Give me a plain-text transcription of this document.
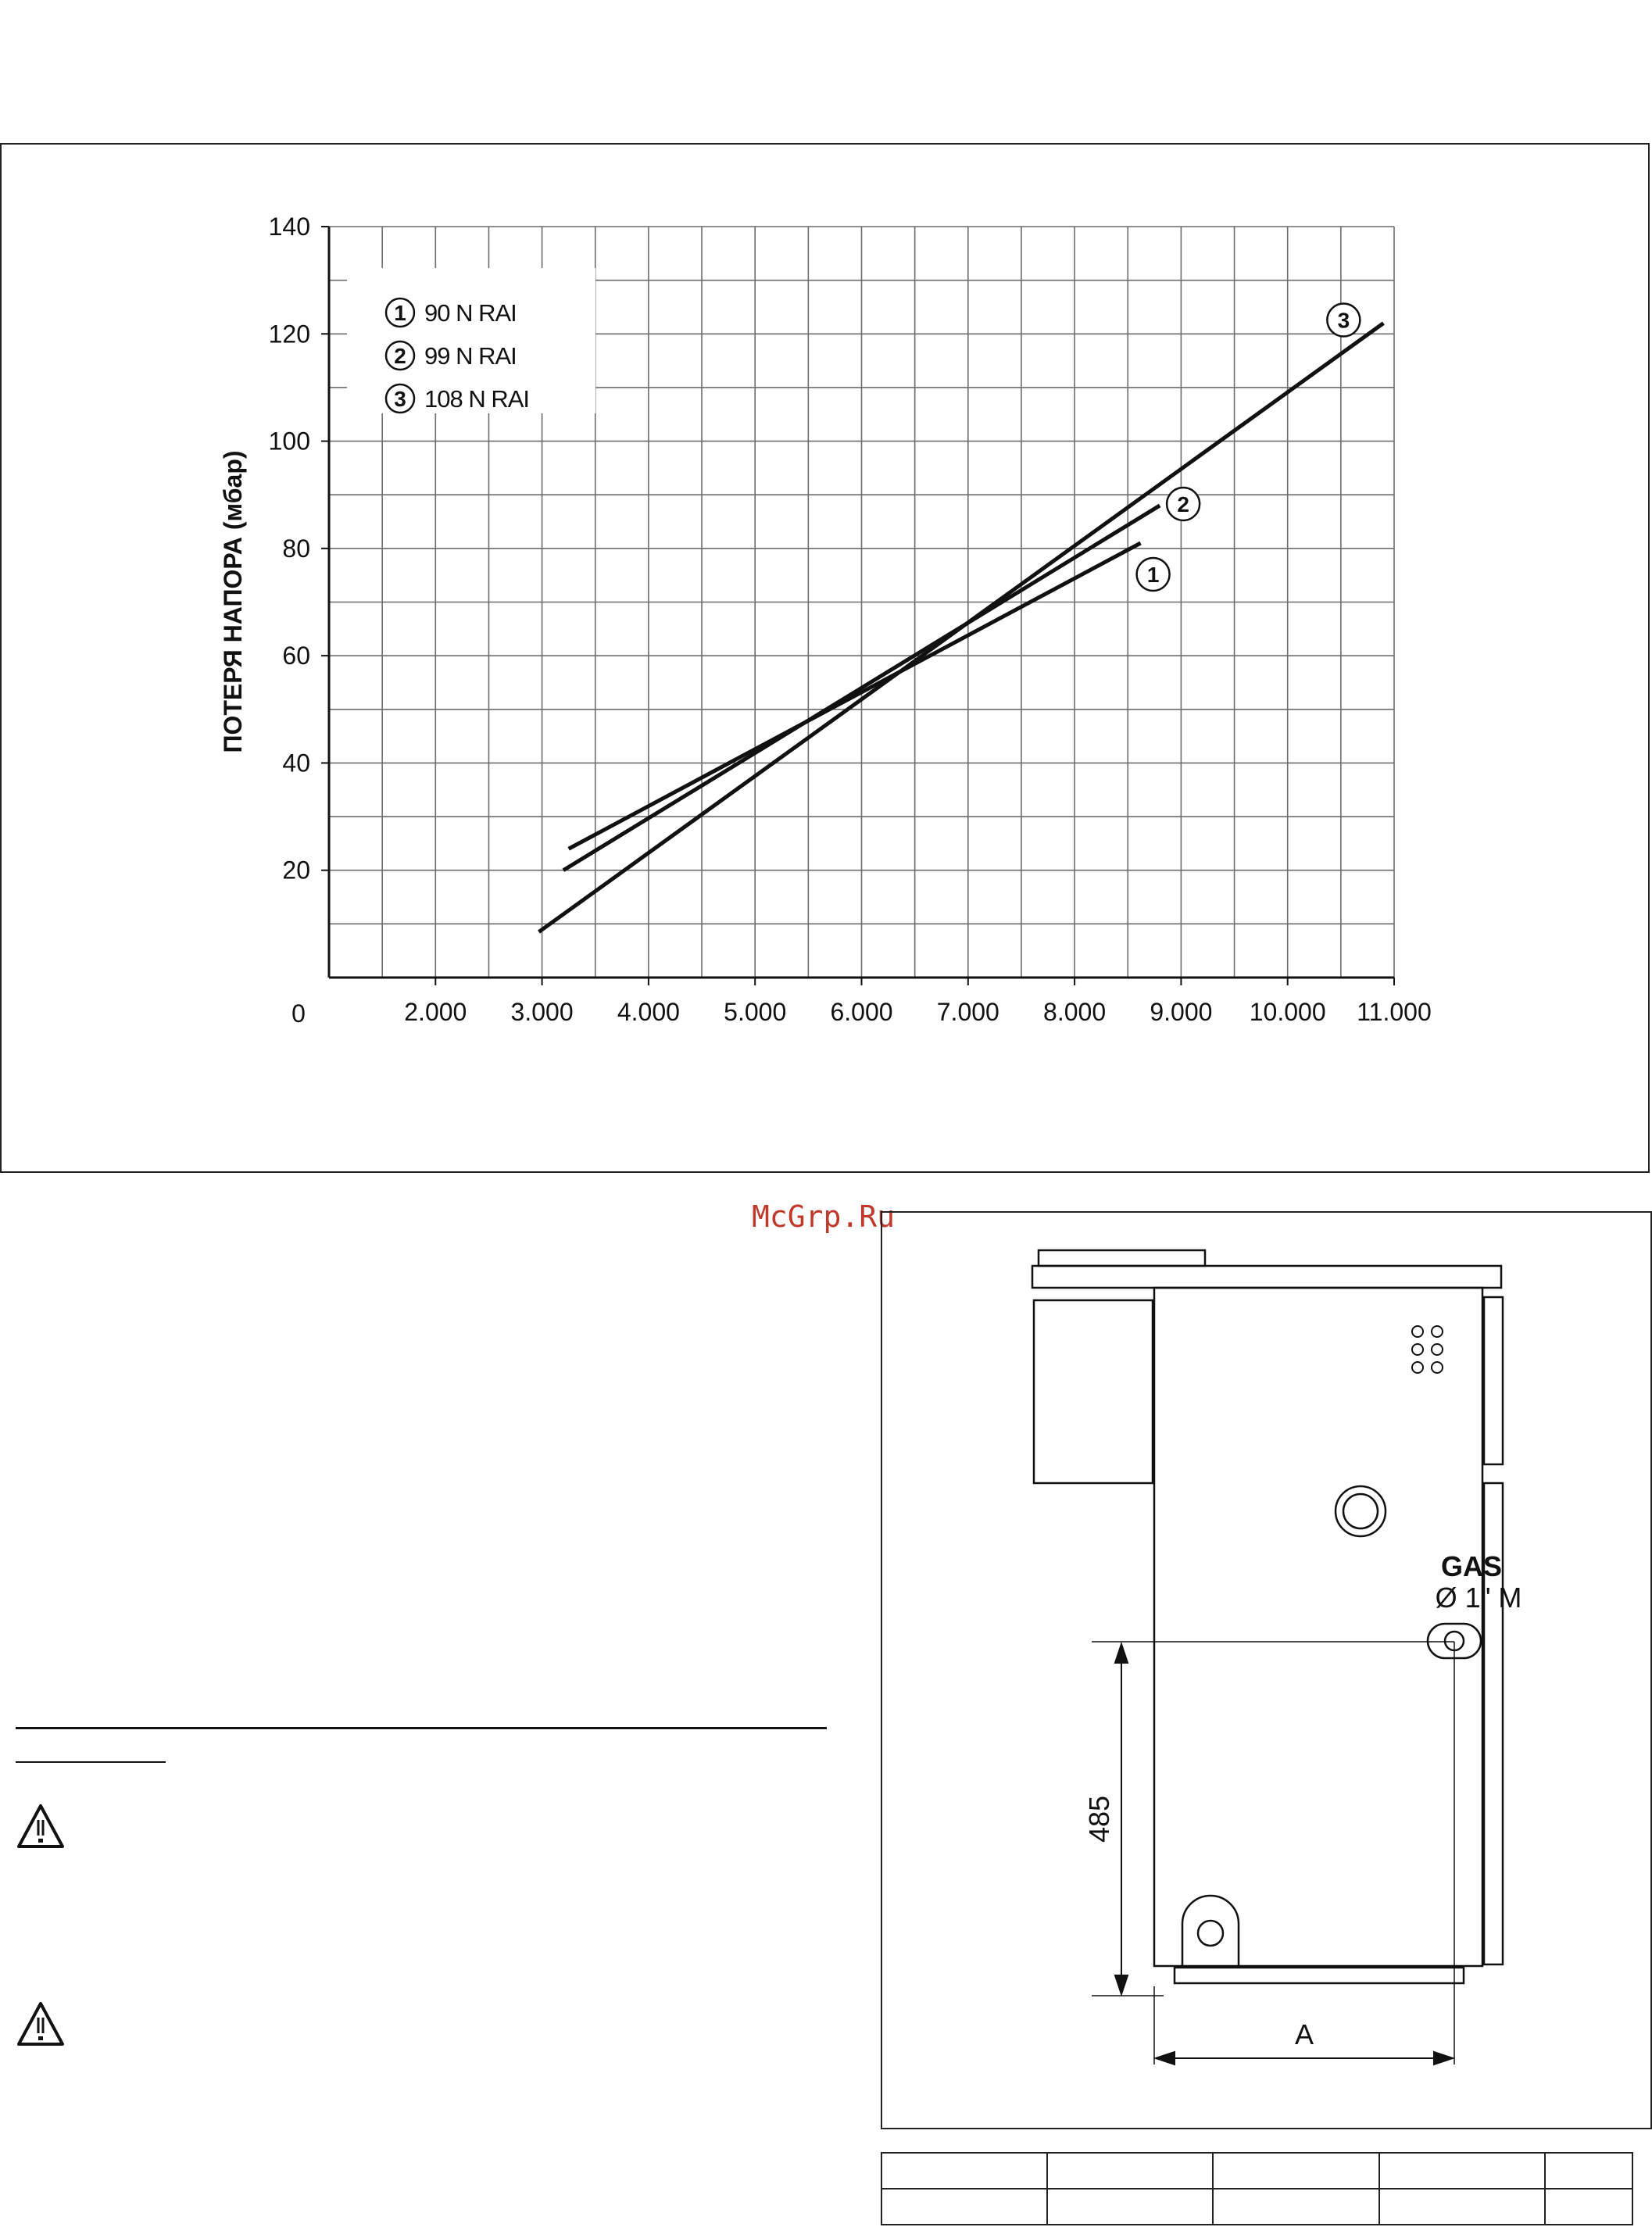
2.000 3.000 4.000 5.000 6.000 7.000 8.000 9.000 10.000 11.000
20
40
60
80
100
120
140
0
ПОТЕРЯ НАПОРА (мбар)
1 90 N RAI
2 99 N RAI
3 108 N RAI
1
2
3
McGrp.Ru
GAS
Ø 1" M
485
A
